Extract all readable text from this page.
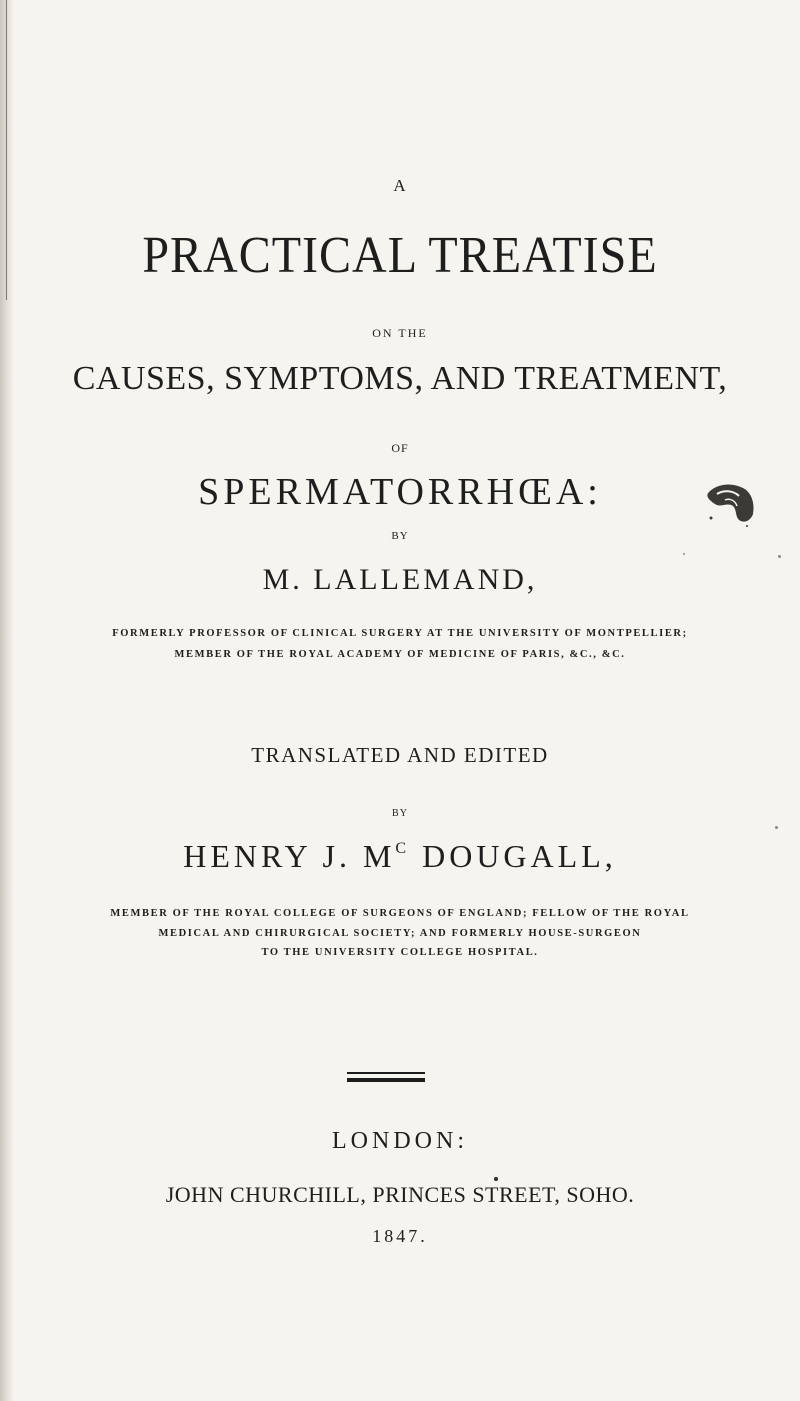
A
PRACTICAL TREATISE
ON THE
CAUSES, SYMPTOMS, AND TREATMENT,
OF
SPERMATORRHŒA:
BY
M. LALLEMAND,
FORMERLY PROFESSOR OF CLINICAL SURGERY AT THE UNIVERSITY OF MONTPELLIER;
MEMBER OF THE ROYAL ACADEMY OF MEDICINE OF PARIS, &C., &C.
TRANSLATED AND EDITED
BY
HENRY J. $M^C$ DOUGALL,
MEMBER OF THE ROYAL COLLEGE OF SURGEONS OF ENGLAND; FELLOW OF THE ROYAL
MEDICAL AND CHIRURGICAL SOCIETY; AND FORMERLY HOUSE-SURGEON
TO THE UNIVERSITY COLLEGE HOSPITAL.
LONDON:
JOHN CHURCHILL, PRINCES STREET, SOHO.
1847.
